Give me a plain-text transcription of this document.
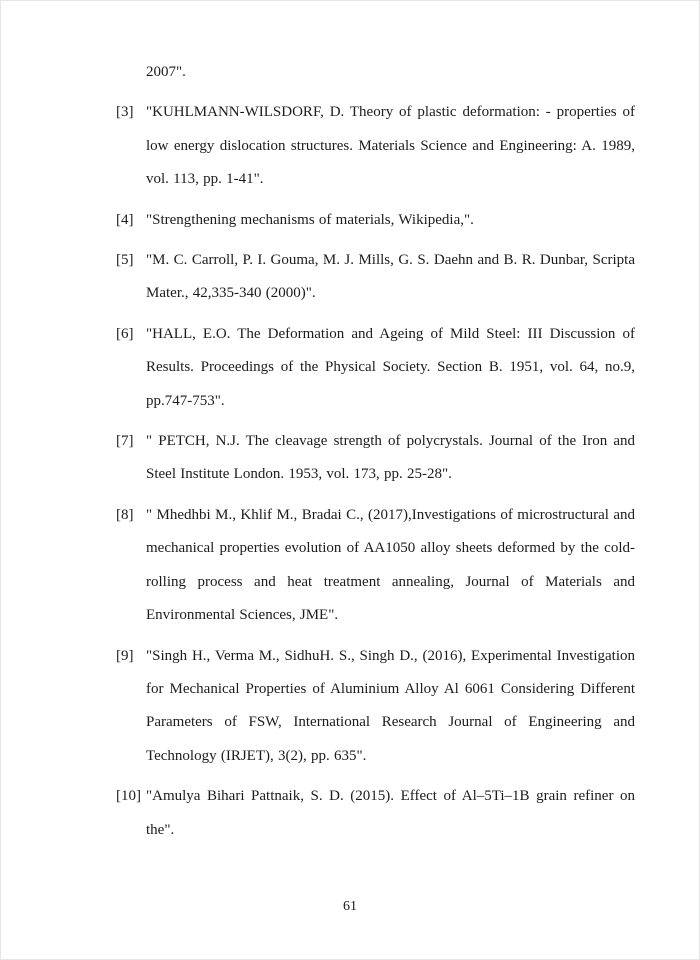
2007".

[3] "KUHLMANN-WILSDORF, D. Theory of plastic deformation: - properties of low energy dislocation structures. Materials Science and Engineering: A. 1989, vol. 113, pp. 1-41".
[4] "Strengthening mechanisms of materials, Wikipedia,".
[5] "M. C. Carroll, P. I. Gouma, M. J. Mills, G. S. Daehn and B. R. Dunbar, Scripta Mater., 42,335-340 (2000)".
[6] "HALL, E.O. The Deformation and Ageing of Mild Steel: III Discussion of Results. Proceedings of the Physical Society. Section B. 1951, vol. 64, no.9, pp.747-753".
[7] " PETCH, N.J. The cleavage strength of polycrystals. Journal of the Iron and Steel Institute London. 1953, vol. 173, pp. 25-28".
[8] " Mhedhbi M., Khlif M., Bradai C., (2017),Investigations of microstructural and mechanical properties evolution of AA1050 alloy sheets deformed by the cold-rolling process and heat treatment annealing, Journal of Materials and Environmental Sciences, JME".
[9] "Singh H., Verma M., SidhuH. S., Singh D., (2016), Experimental Investigation for Mechanical Properties of Aluminium Alloy Al 6061 Considering Different Parameters of FSW, International Research Journal of Engineering and Technology (IRJET), 3(2), pp. 635".
[10] "Amulya Bihari Pattnaik, S. D. (2015). Effect of Al–5Ti–1B grain refiner on the".
61
